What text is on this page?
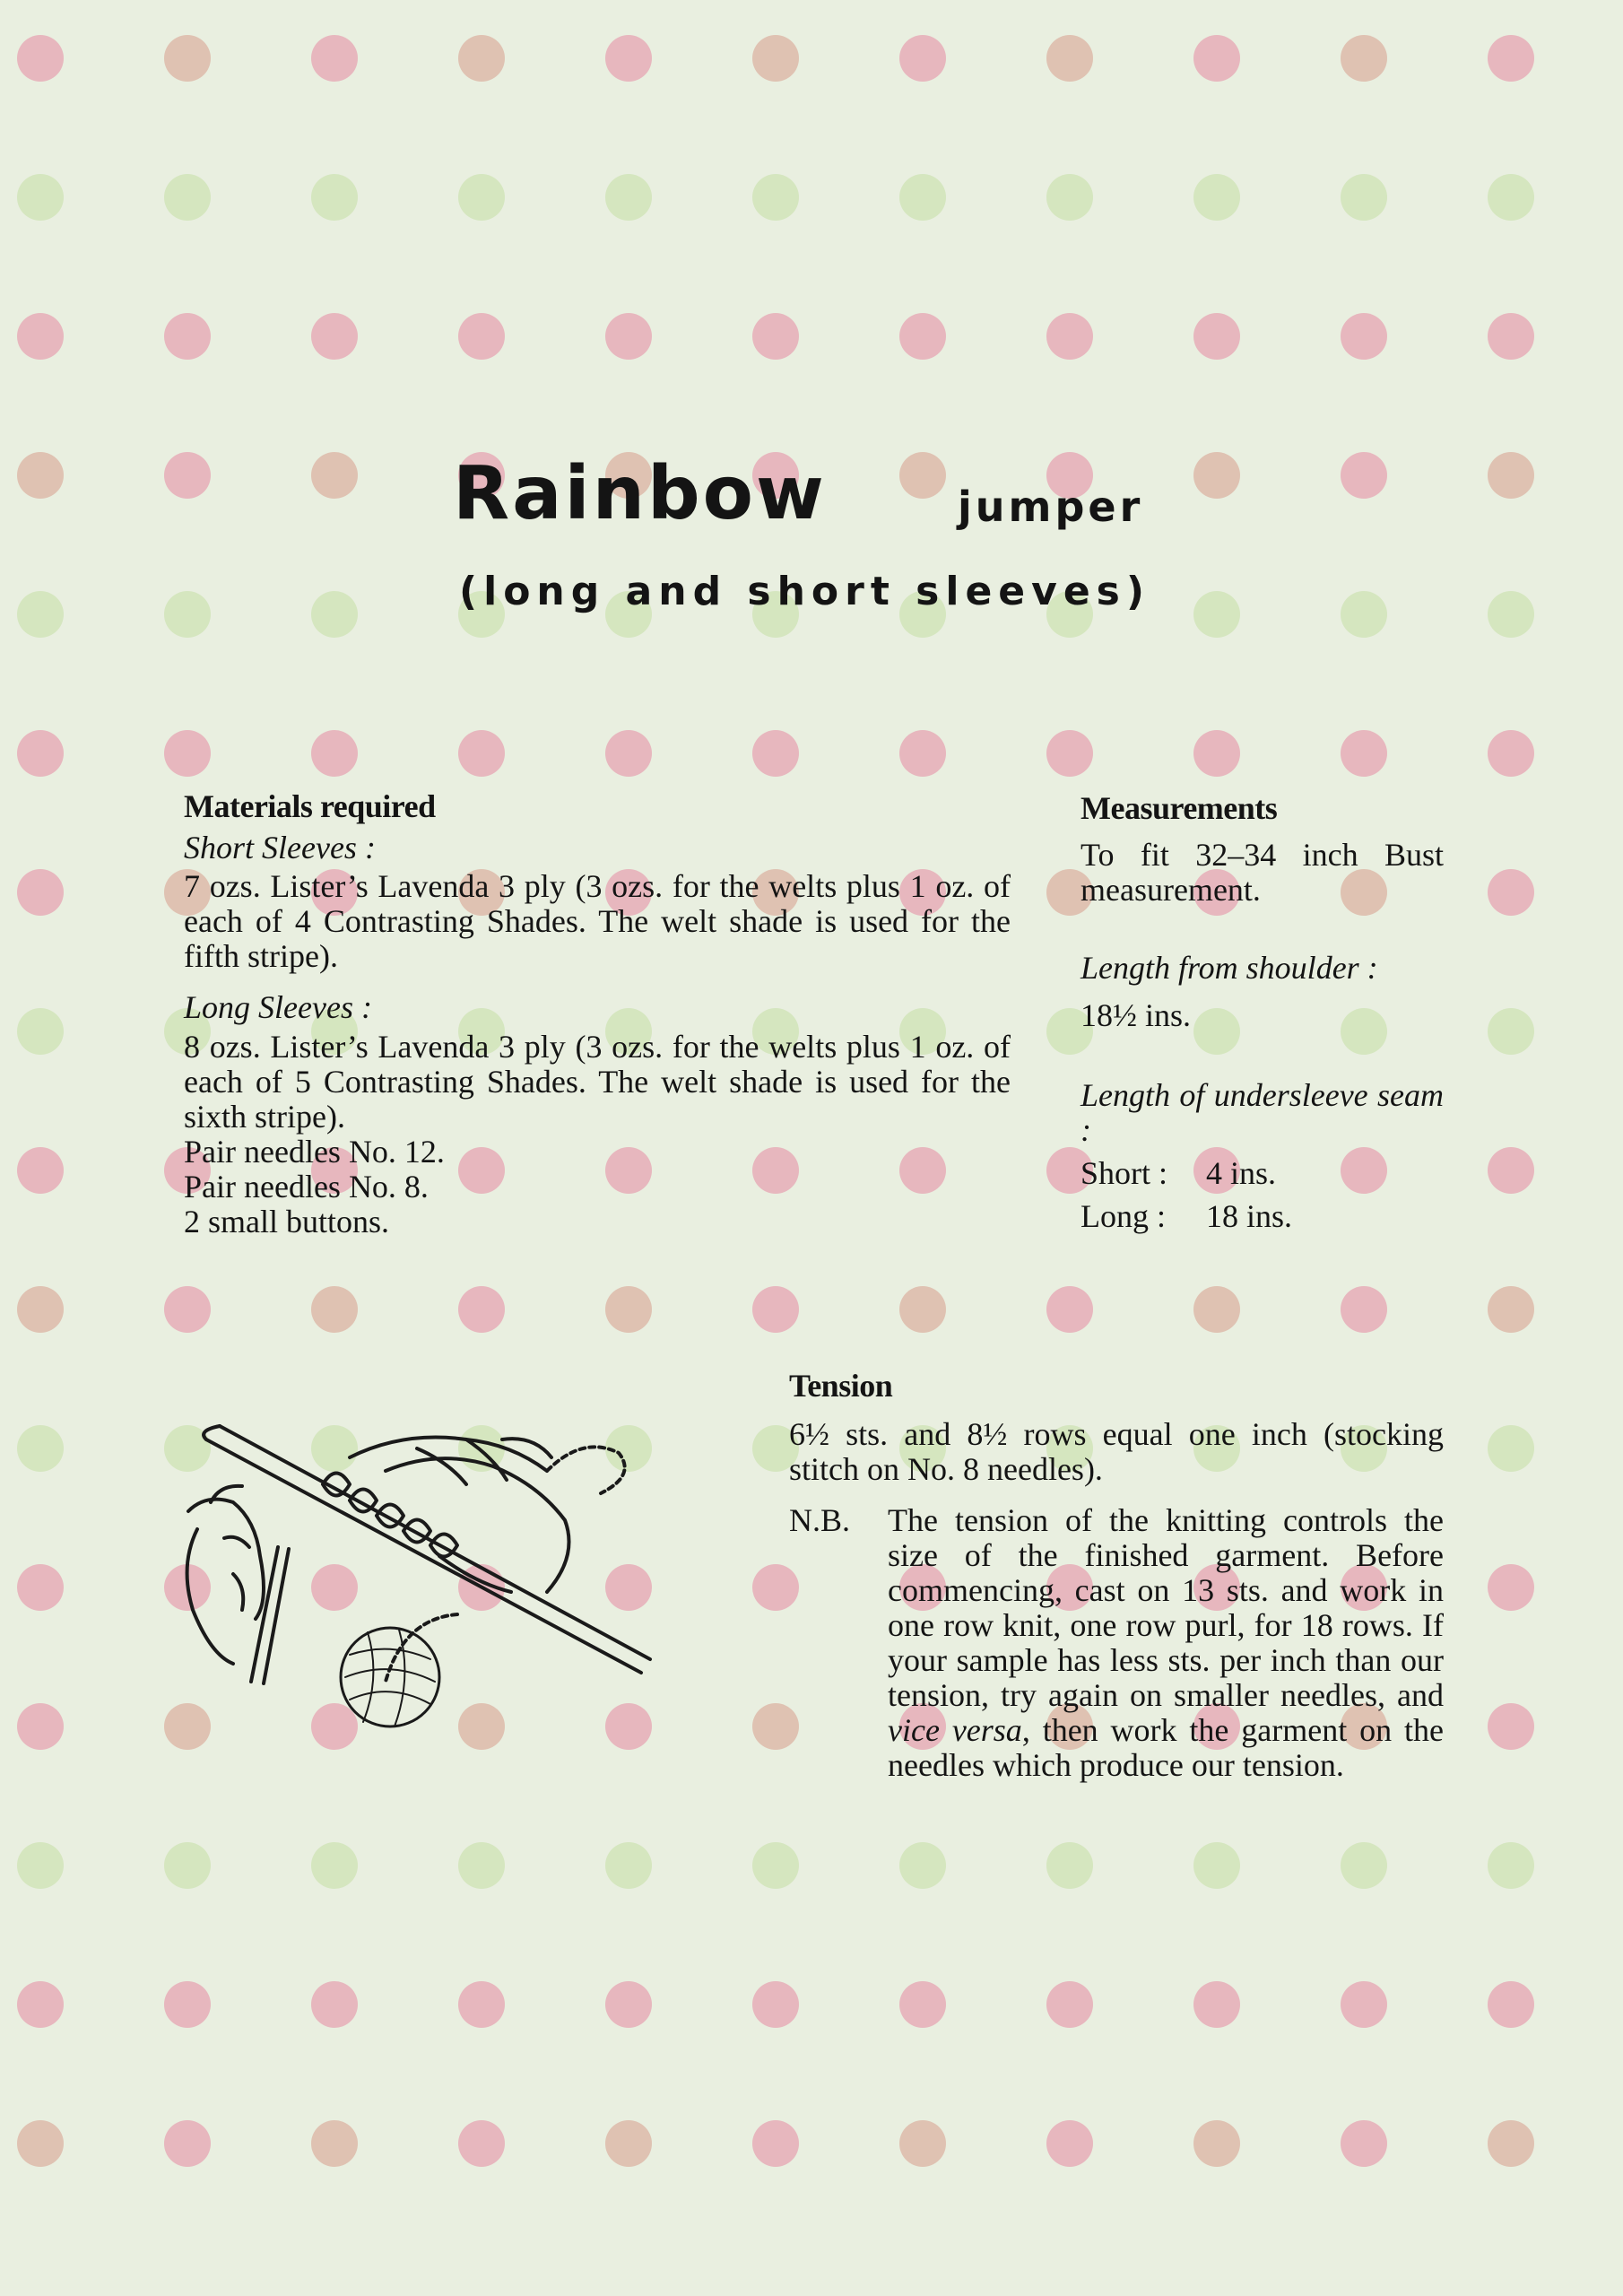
Rainbow	jumper
(long and short sleeves)
Materials required
Short Sleeves :
7 ozs. Lister’s Lavenda 3 ply (3 ozs. for the welts plus 1 oz. of each of 4 Contrasting Shades. The welt shade is used for the fifth stripe).
Long Sleeves :
8 ozs. Lister’s Lavenda 3 ply (3 ozs. for the welts plus 1 oz. of each of 5 Contrasting Shades. The welt shade is used for the sixth stripe).
Pair needles No. 12.
Pair needles No. 8.
2 small buttons.
Measurements
To fit 32–34 inch Bust measurement.
Length from shoulder :
18½ ins.
Length of undersleeve seam :
Short : 4 ins.
Long : 18 ins.
Tension
6½ sts. and 8½ rows equal one inch (stocking stitch on No. 8 needles).
N.B.	The tension of the knitting controls the size of the finished garment. Before commencing, cast on 13 sts. and work in one row knit, one row purl, for 18 rows. If your sample has less sts. per inch than our tension, try again on smaller needles, and vice versa, then work the garment on the needles which produce our tension.
